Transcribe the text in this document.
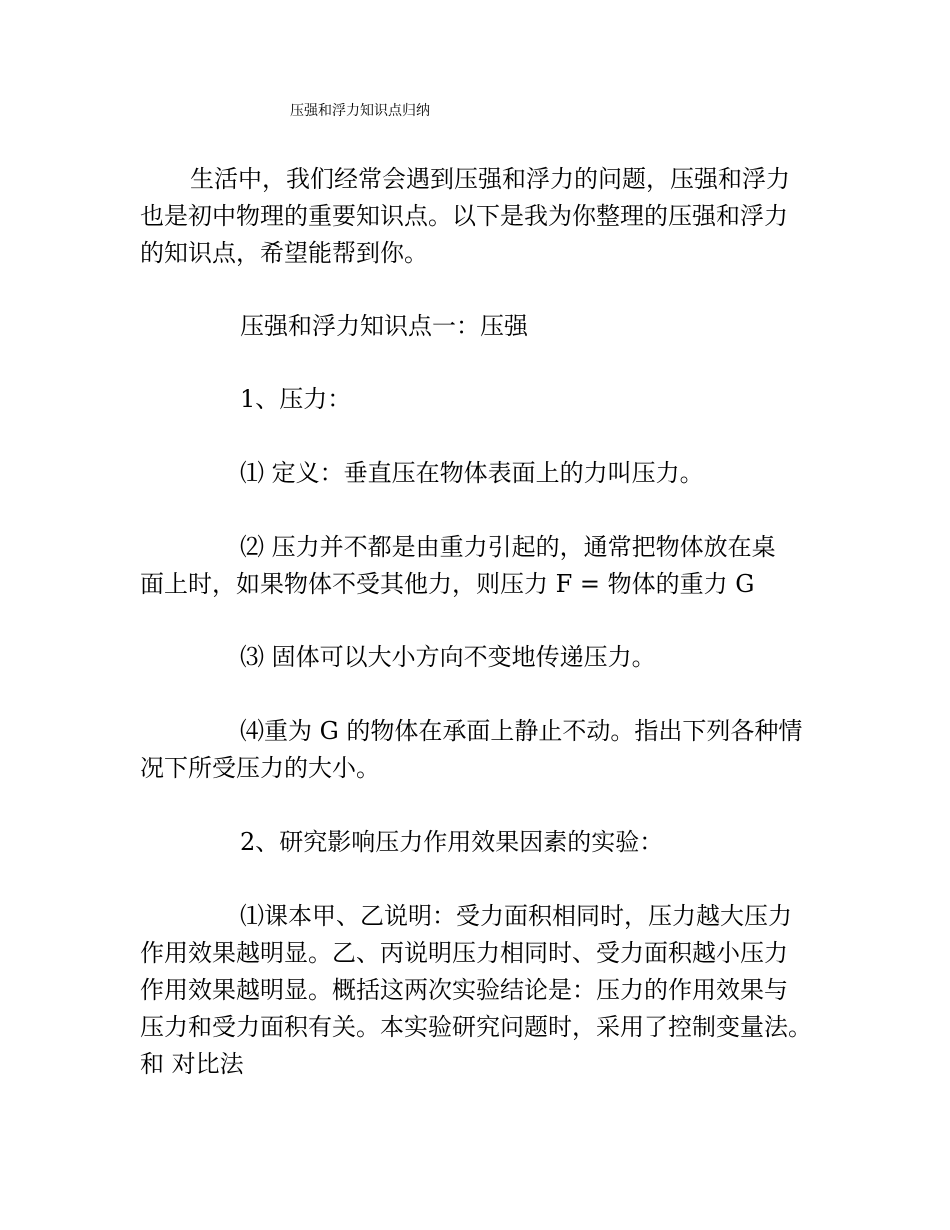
压强和浮力知识点归纳
生活中，我们经常会遇到压强和浮力的问题，压强和浮力
也是初中物理的重要知识点。以下是我为你整理的压强和浮力
的知识点，希望能帮到你。
压强和浮力知识点一：压强
1、压力：
⑴ 定义：垂直压在物体表面上的力叫压力。
⑵ 压力并不都是由重力引起的，通常把物体放在桌
面上时，如果物体不受其他力，则压力 F = 物体的重力 G
⑶ 固体可以大小方向不变地传递压力。
⑷重为 G 的物体在承面上静止不动。指出下列各种情
况下所受压力的大小。
2、研究影响压力作用效果因素的实验：
⑴课本甲、乙说明：受力面积相同时，压力越大压力
作用效果越明显。乙、丙说明压力相同时、受力面积越小压力
作用效果越明显。概括这两次实验结论是：压力的作用效果与
压力和受力面积有关。本实验研究问题时，采用了控制变量法。
和 对比法
